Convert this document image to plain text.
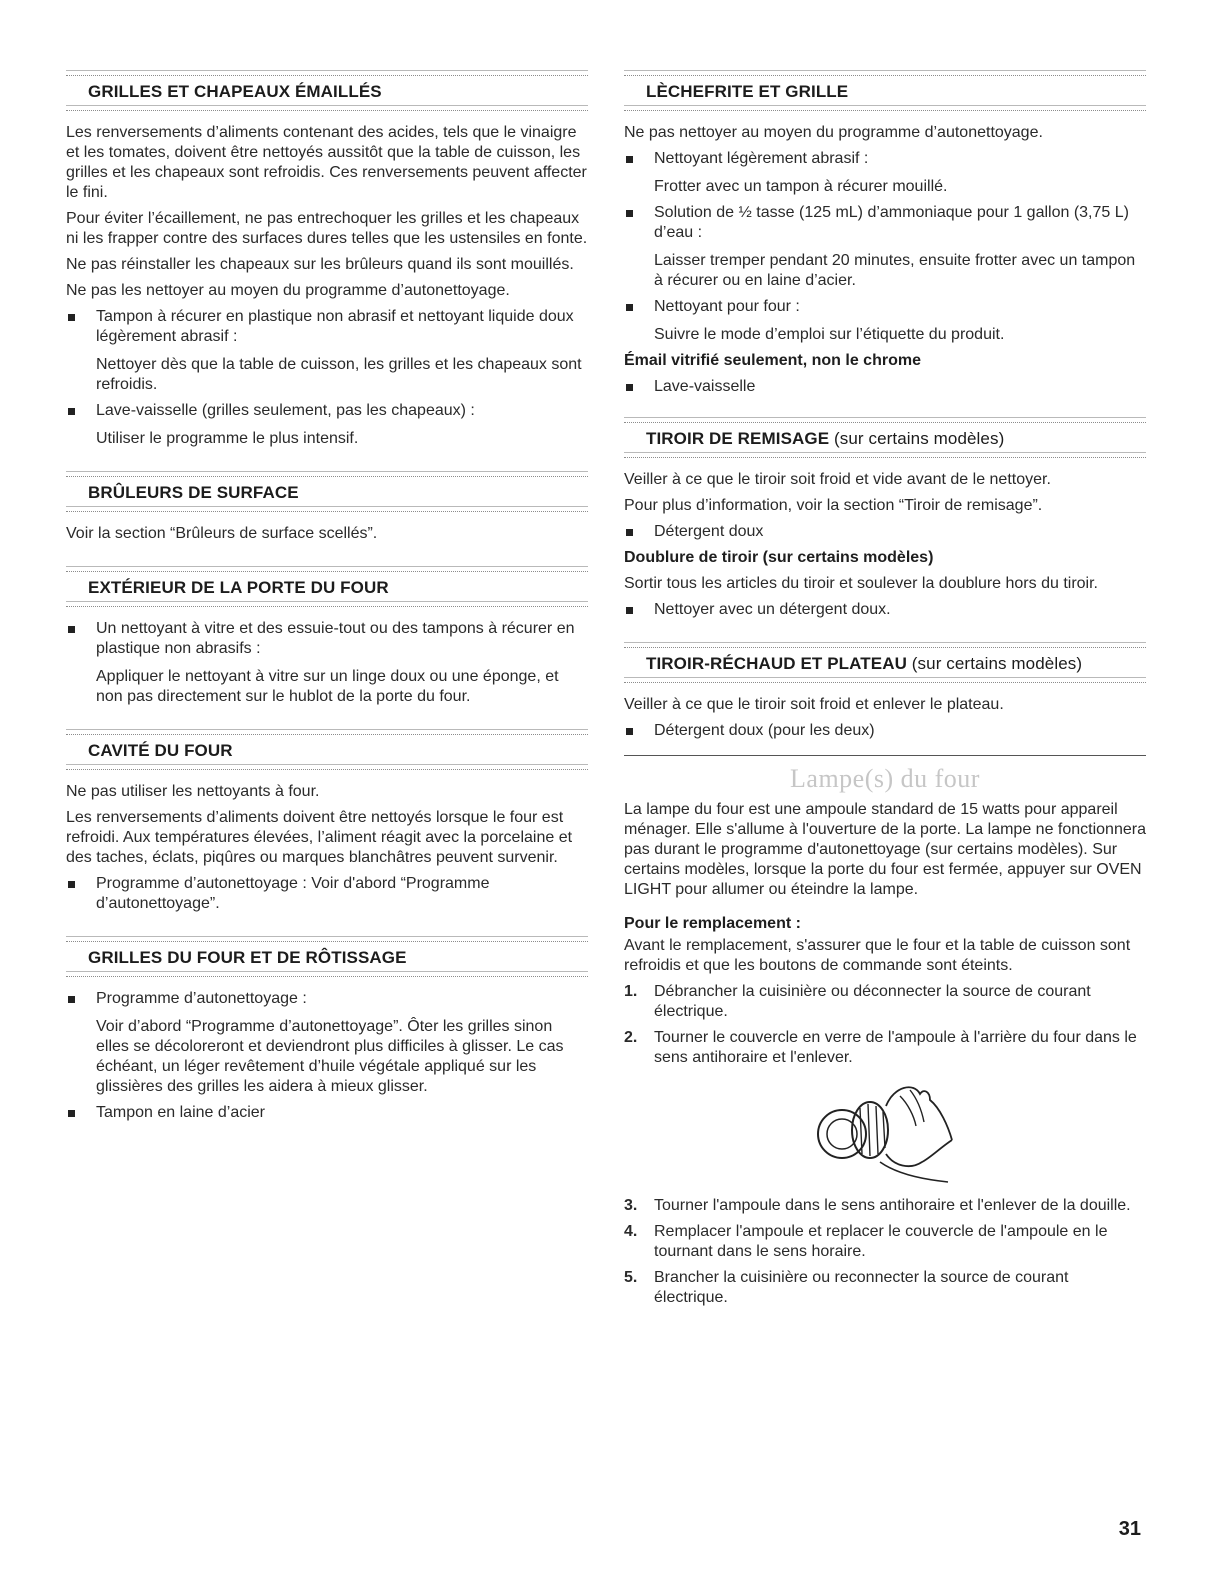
GRILLES ET CHAPEAUX ÉMAILLÉS

Les renversements d’aliments contenant des acides, tels que le vinaigre et les tomates, doivent être nettoyés aussitôt que la table de cuisson, les grilles et les chapeaux sont refroidis. Ces renversements peuvent affecter le fini.

Pour éviter l’écaillement, ne pas entrechoquer les grilles et les chapeaux ni les frapper contre des surfaces dures telles que les ustensiles en fonte.

Ne pas réinstaller les chapeaux sur les brûleurs quand ils sont mouillés.

Ne pas les nettoyer au moyen du programme d’autonettoyage.

Tampon à récurer en plastique non abrasif et nettoyant liquide doux légèrement abrasif :
Nettoyer dès que la table de cuisson, les grilles et les chapeaux sont refroidis.
Lave-vaisselle (grilles seulement, pas les chapeaux) :
Utiliser le programme le plus intensif.
BRÛLEURS DE SURFACE

Voir la section “Brûleurs de surface scellés”.

EXTÉRIEUR DE LA PORTE DU FOUR
Un nettoyant à vitre et des essuie-tout ou des tampons à récurer en plastique non abrasifs :
Appliquer le nettoyant à vitre sur un linge doux ou une éponge, et non pas directement sur le hublot de la porte du four.
CAVITÉ DU FOUR

Ne pas utiliser les nettoyants à four.

Les renversements d’aliments doivent être nettoyés lorsque le four est refroidi. Aux températures élevées, l’aliment réagit avec la porcelaine et des taches, éclats, piqûres ou marques blanchâtres peuvent survenir.

Programme d’autonettoyage : Voir d'abord “Programme d’autonettoyage”.
GRILLES DU FOUR ET DE RÔTISSAGE
Programme d’autonettoyage :
Voir d’abord “Programme d’autonettoyage”. Ôter les grilles sinon elles se décoloreront et deviendront plus difficiles à glisser. Le cas échéant, un léger revêtement d’huile végétale appliqué sur les glissières des grilles les aidera à mieux glisser.
Tampon en laine d’acier
LÈCHEFRITE ET GRILLE

Ne pas nettoyer au moyen du programme d’autonettoyage.

Nettoyant légèrement abrasif :
Frotter avec un tampon à récurer mouillé.
Solution de ½ tasse (125 mL) d’ammoniaque pour 1 gallon (3,75 L) d’eau :
Laisser tremper pendant 20 minutes, ensuite frotter avec un tampon à récurer ou en laine d’acier.
Nettoyant pour four :
Suivre le mode d’emploi sur l’étiquette du produit.
Émail vitrifié seulement, non le chrome
Lave-vaisselle
TIROIR DE REMISAGE (sur certains modèles)

Veiller à ce que le tiroir soit froid et vide avant de le nettoyer.

Pour plus d’information, voir la section “Tiroir de remisage”.

Détergent doux
Doublure de tiroir (sur certains modèles)

Sortir tous les articles du tiroir et soulever la doublure hors du tiroir.

Nettoyer avec un détergent doux.
TIROIR-RÉCHAUD ET PLATEAU (sur certains modèles)

Veiller à ce que le tiroir soit froid et enlever le plateau.

Détergent doux (pour les deux)
Lampe(s) du four

La lampe du four est une ampoule standard de 15 watts pour appareil ménager. Elle s'allume à l'ouverture de la porte. La lampe ne fonctionnera pas durant le programme d'autonettoyage (sur certains modèles). Sur certains modèles, lorsque la porte du four est fermée, appuyer sur OVEN LIGHT pour allumer ou éteindre la lampe.

Pour le remplacement :

Avant le remplacement, s'assurer que le four et la table de cuisson sont refroidis et que les boutons de commande sont éteints.

1. Débrancher la cuisinière ou déconnecter la source de courant électrique.
2. Tourner le couvercle en verre de l'ampoule à l'arrière du four dans le sens antihoraire et l'enlever.
3. Tourner l'ampoule dans le sens antihoraire et l'enlever de la douille.
4. Remplacer l'ampoule et replacer le couvercle de l'ampoule en le tournant dans le sens horaire.
5. Brancher la cuisinière ou reconnecter la source de courant électrique.
31
